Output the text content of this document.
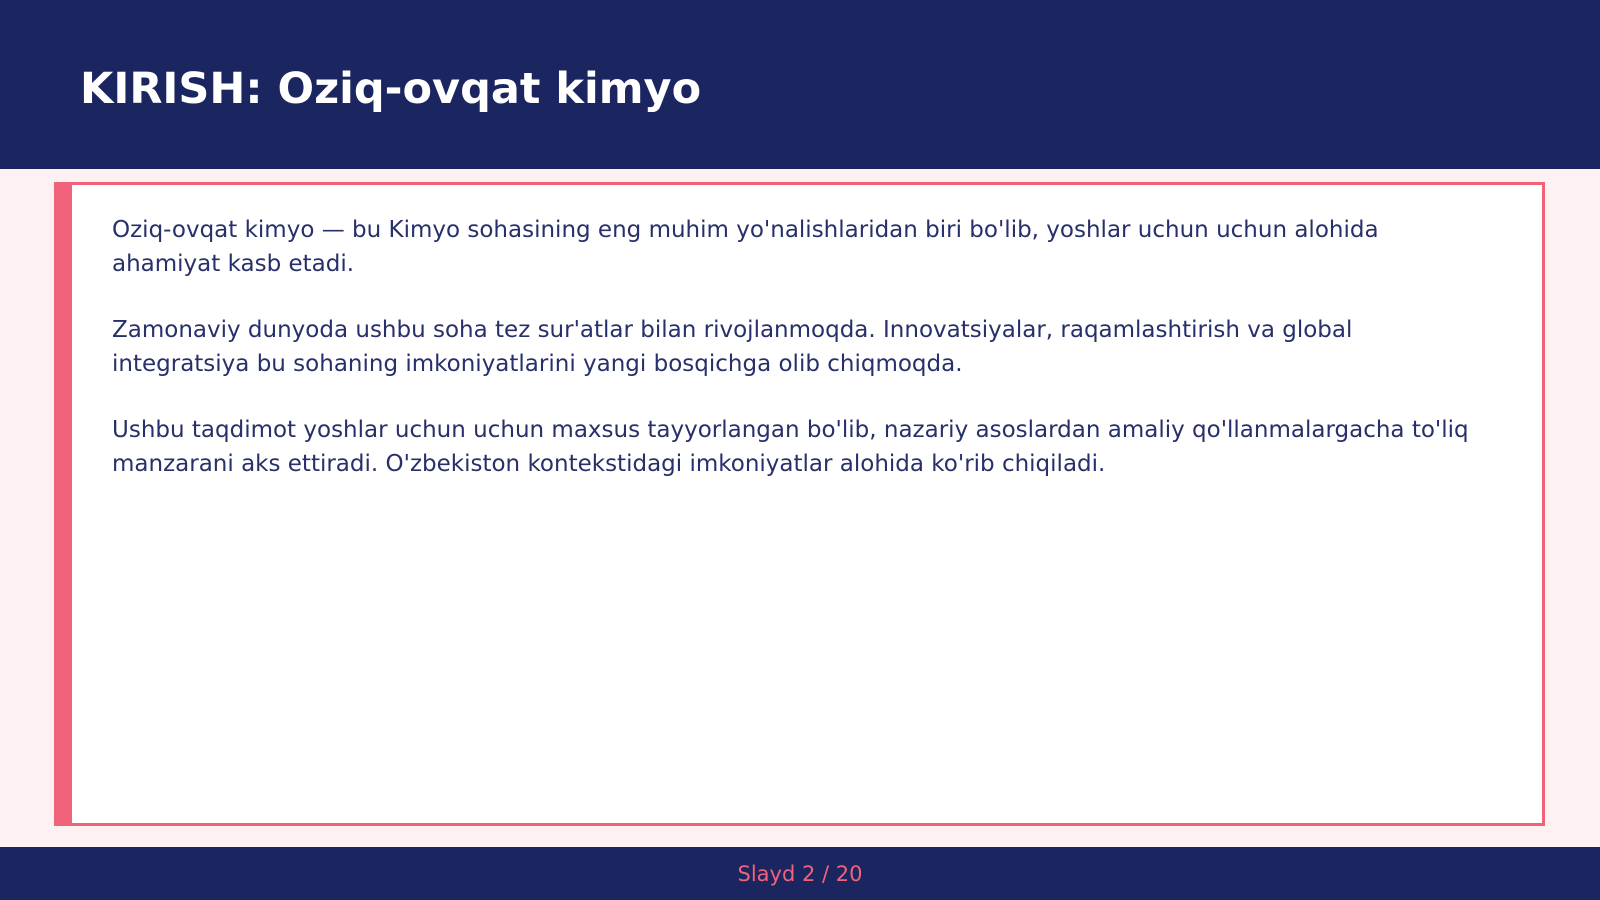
KIRISH: Oziq-ovqat kimyo

Oziq-ovqat kimyo — bu Kimyo sohasining eng muhim yo'nalishlaridan biri bo'lib, yoshlar uchun uchun alohida ahamiyat kasb etadi.

Zamonaviy dunyoda ushbu soha tez sur'atlar bilan rivojlanmoqda. Innovatsiyalar, raqamlashtirish va global integratsiya bu sohaning imkoniyatlarini yangi bosqichga olib chiqmoqda.

Ushbu taqdimot yoshlar uchun uchun maxsus tayyorlangan bo'lib, nazariy asoslardan amaliy qo'llanmalargacha to'liq manzarani aks ettiradi. O'zbekiston kontekstidagi imkoniyatlar alohida ko'rib chiqiladi.

Slayd 2 / 20
